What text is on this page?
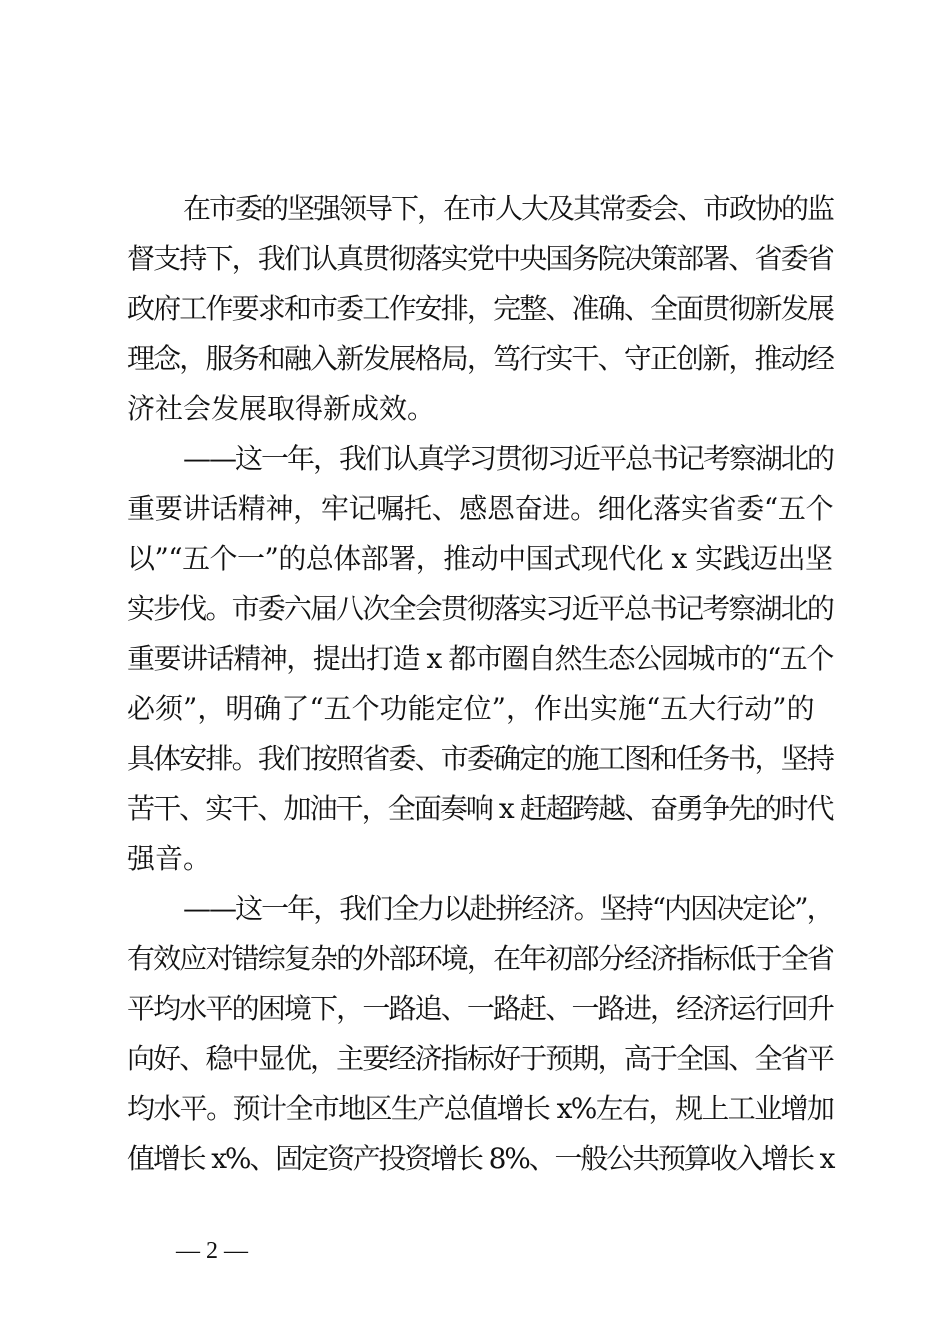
在市委的坚强领导下，在市人大及其常委会、市政协的监
督支持下，我们认真贯彻落实党中央国务院决策部署、省委省
政府工作要求和市委工作安排，完整、准确、全面贯彻新发展
理念，服务和融入新发展格局，笃行实干、守正创新，推动经
济社会发展取得新成效。

——这一年，我们认真学习贯彻习近平总书记考察湖北的
重要讲话精神，牢记嘱托、感恩奋进。细化落实省委“五个
以”“五个一”的总体部署，推动中国式现代化 x 实践迈出坚
实步伐。市委六届八次全会贯彻落实习近平总书记考察湖北的
重要讲话精神，提出打造 x 都市圈自然生态公园城市的“五个
必须”，明确了“五个功能定位”，作出实施“五大行动”的
具体安排。我们按照省委、市委确定的施工图和任务书，坚持
苦干、实干、加油干，全面奏响 x 赶超跨越、奋勇争先的时代
强音。

——这一年，我们全力以赴拼经济。坚持“内因决定论”，
有效应对错综复杂的外部环境，在年初部分经济指标低于全省
平均水平的困境下，一路追、一路赶、一路进，经济运行回升
向好、稳中显优，主要经济指标好于预期，高于全国、全省平
均水平。预计全市地区生产总值增长 x%左右，规上工业增加
值增长 x%、固定资产投资增长 8%、一般公共预算收入增长 x

— 2 —
